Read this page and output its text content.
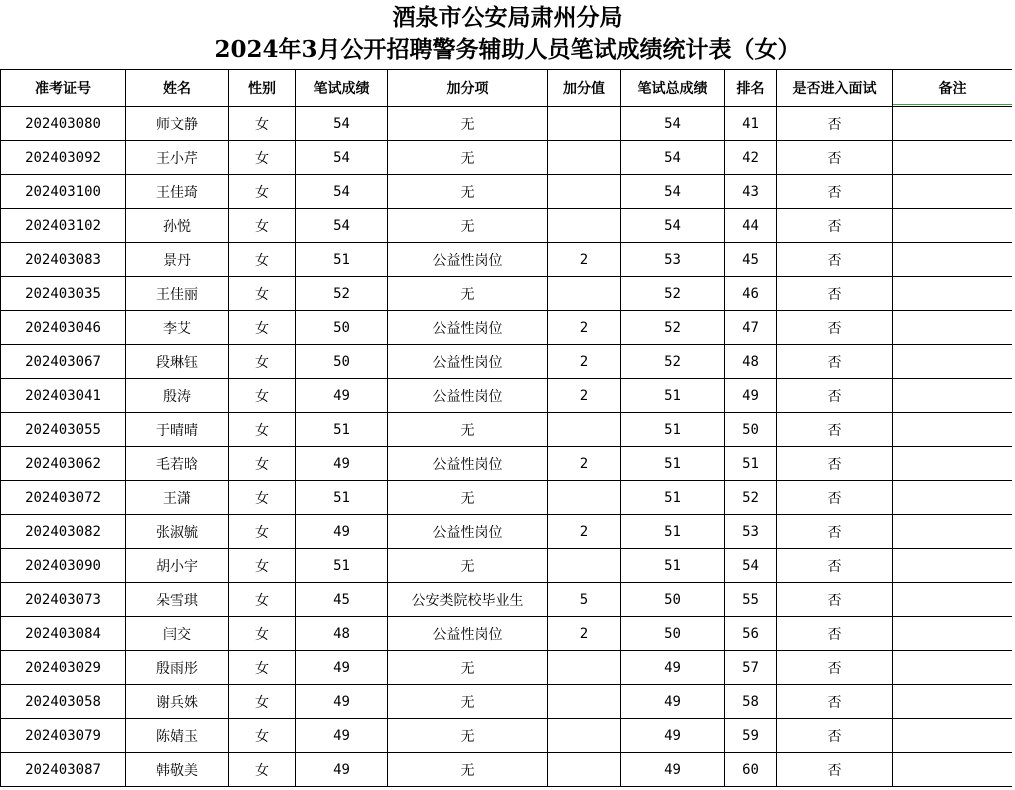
酒泉市公安局肃州分局
2024年3月公开招聘警务辅助人员笔试成绩统计表（女）
准考证号	姓名	性别	笔试成绩	加分项	加分值	笔试总成绩	排名	是否进入面试	备注
202403080	师文静	女	54	无		54	41	否	
202403092	王小芹	女	54	无		54	42	否	
202403100	王佳琦	女	54	无		54	43	否	
202403102	孙悦	女	54	无		54	44	否	
202403083	景丹	女	51	公益性岗位	2	53	45	否	
202403035	王佳丽	女	52	无		52	46	否	
202403046	李艾	女	50	公益性岗位	2	52	47	否	
202403067	段琳钰	女	50	公益性岗位	2	52	48	否	
202403041	殷涛	女	49	公益性岗位	2	51	49	否	
202403055	于晴晴	女	51	无		51	50	否	
202403062	毛若晗	女	49	公益性岗位	2	51	51	否	
202403072	王潇	女	51	无		51	52	否	
202403082	张淑毓	女	49	公益性岗位	2	51	53	否	
202403090	胡小宇	女	51	无		51	54	否	
202403073	朵雪琪	女	45	公安类院校毕业生	5	50	55	否	
202403084	闫交	女	48	公益性岗位	2	50	56	否	
202403029	殷雨彤	女	49	无		49	57	否	
202403058	谢兵姝	女	49	无		49	58	否	
202403079	陈婧玉	女	49	无		49	59	否	
202403087	韩敬美	女	49	无		49	60	否	
